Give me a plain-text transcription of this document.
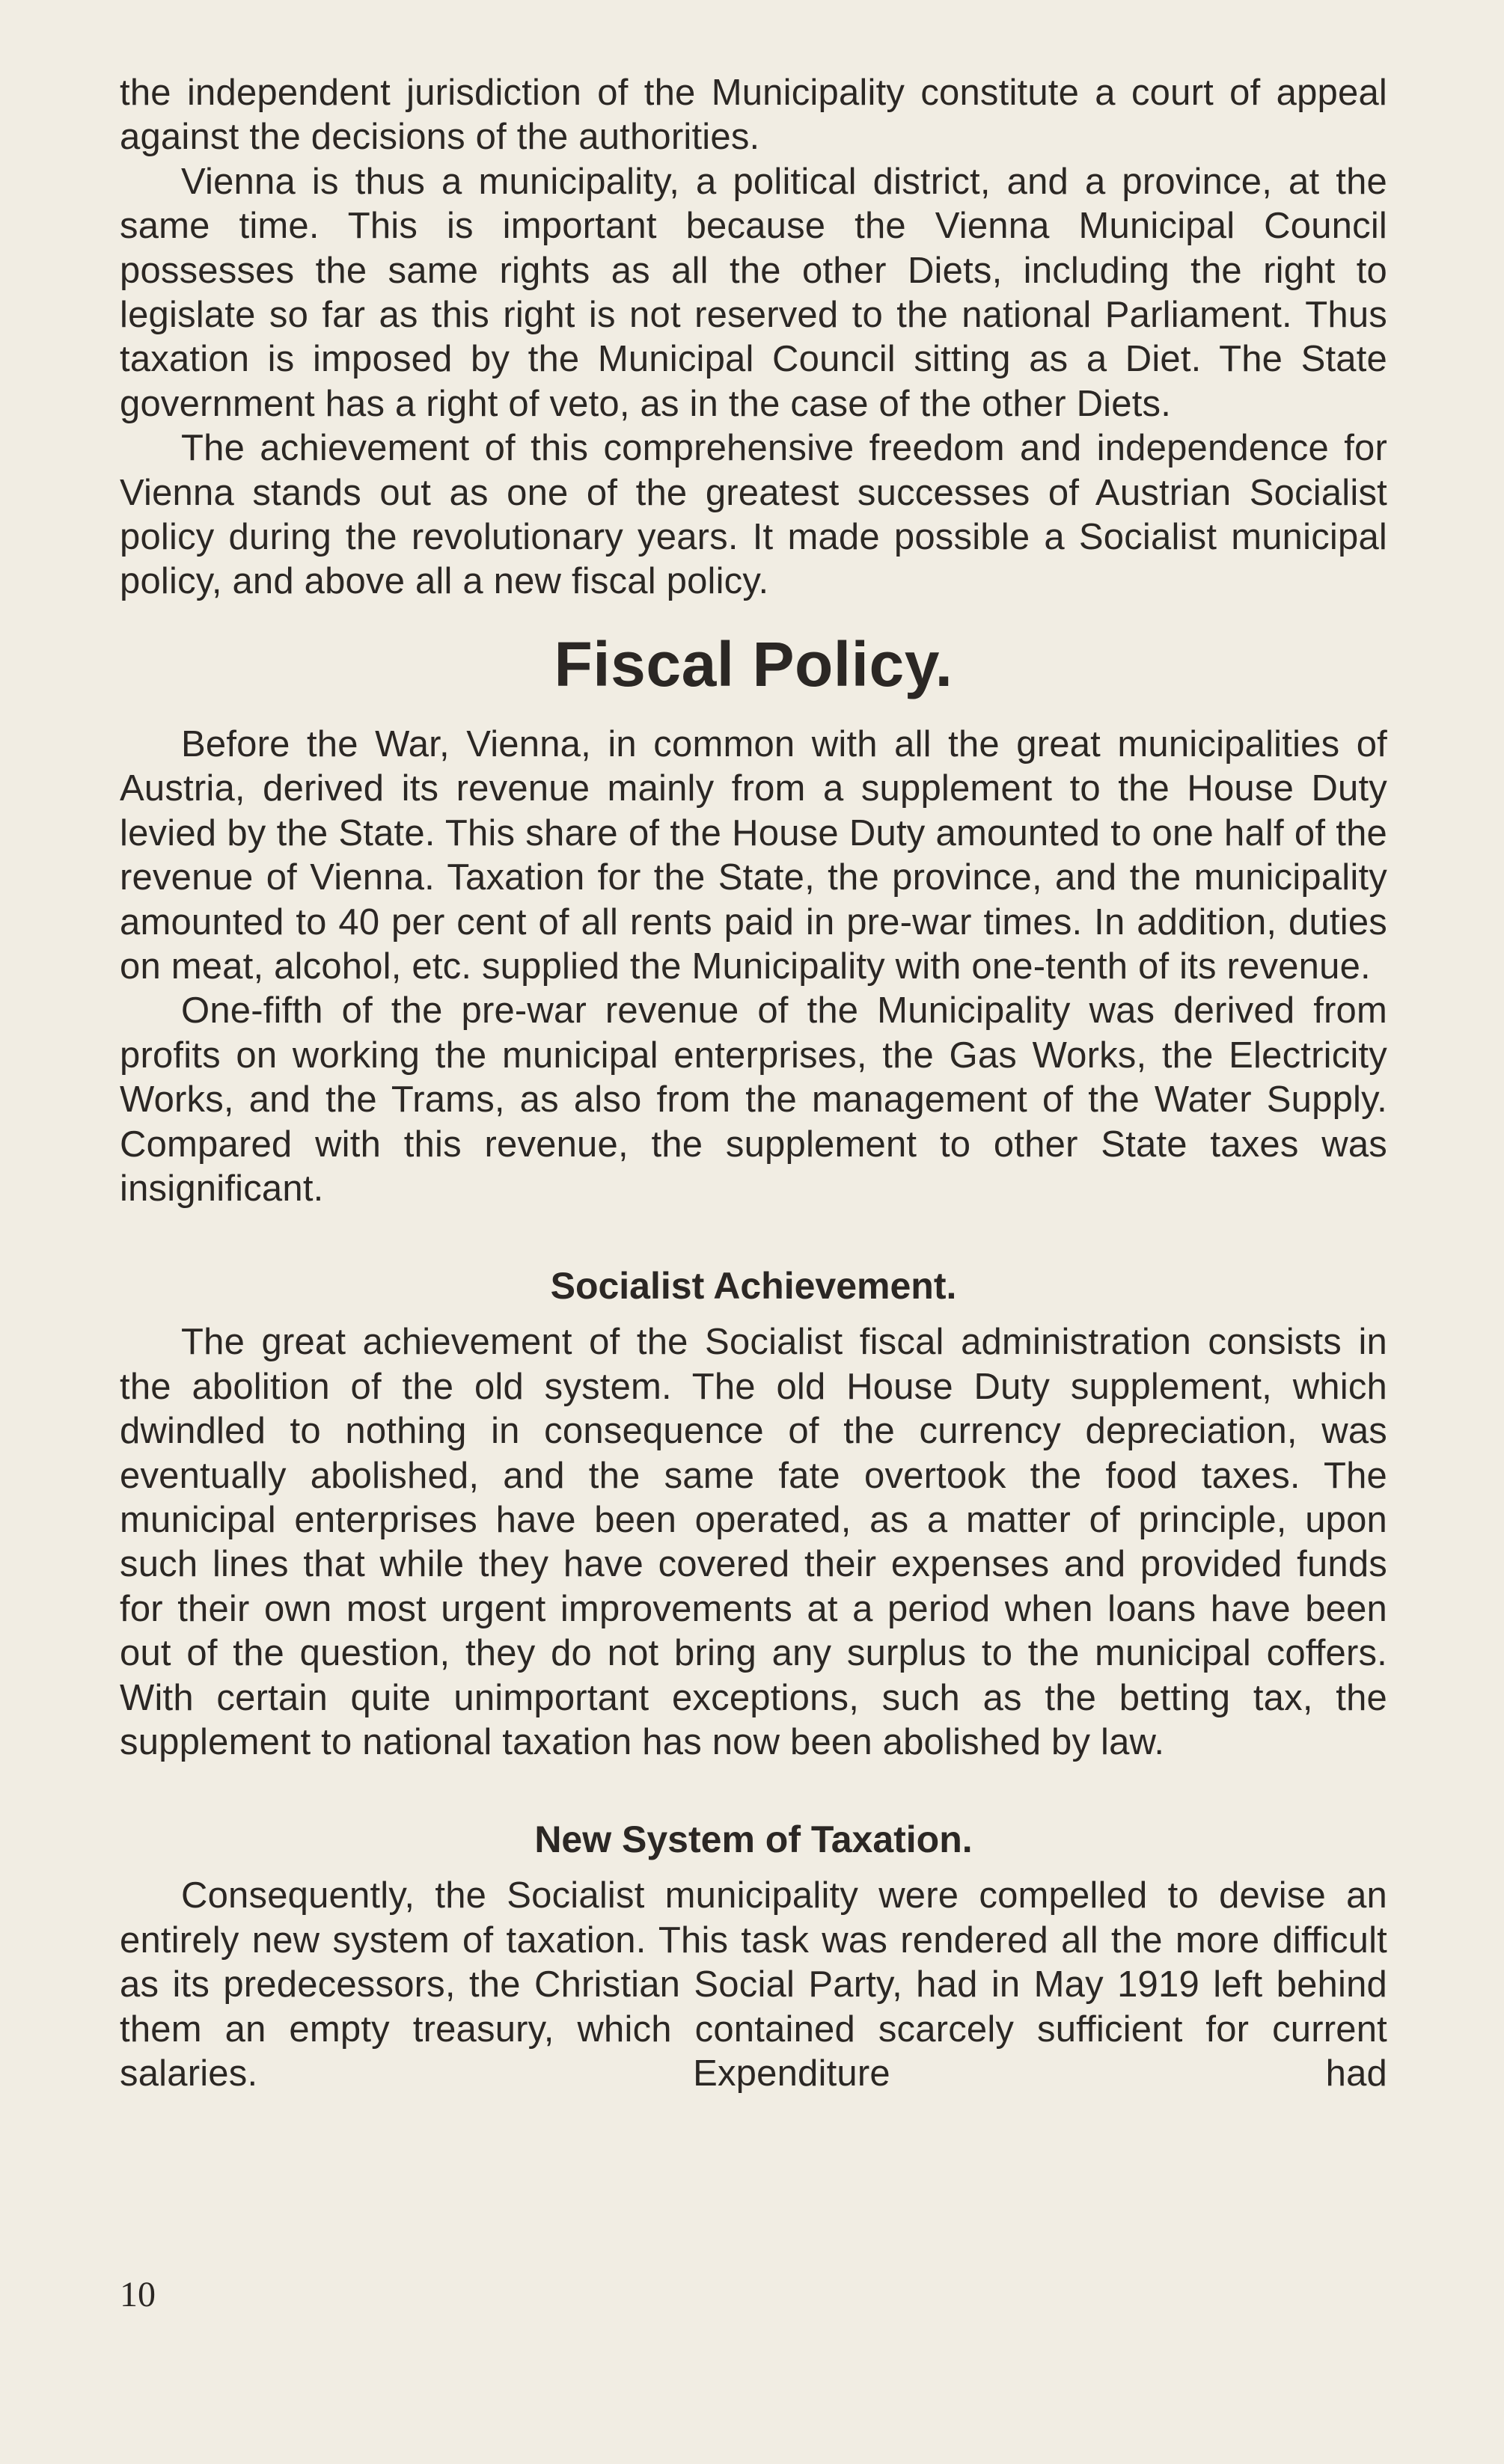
the independent jurisdiction of the Municipality constitute a court of appeal against the decisions of the authorities.

Vienna is thus a municipality, a political district, and a province, at the same time. This is important because the Vienna Municipal Council possesses the same rights as all the other Diets, including the right to legislate so far as this right is not reserved to the national Parliament. Thus taxation is imposed by the Municipal Council sitting as a Diet. The State government has a right of veto, as in the case of the other Diets.

The achievement of this comprehensive freedom and independence for Vienna stands out as one of the greatest successes of Austrian Socialist policy during the revolutionary years. It made possible a Socialist municipal policy, and above all a new fiscal policy.

Fiscal Policy.

Before the War, Vienna, in common with all the great municipalities of Austria, derived its revenue mainly from a supplement to the House Duty levied by the State. This share of the House Duty amounted to one half of the revenue of Vienna. Taxation for the State, the province, and the municipality amounted to 40 per cent of all rents paid in pre-war times. In addition, duties on meat, alcohol, etc. supplied the Municipality with one-tenth of its revenue.

One-fifth of the pre-war revenue of the Municipality was derived from profits on working the municipal enterprises, the Gas Works, the Electricity Works, and the Trams, as also from the management of the Water Supply. Compared with this revenue, the supplement to other State taxes was insignificant.

Socialist Achievement.

The great achievement of the Socialist fiscal administration consists in the abolition of the old system. The old House Duty supplement, which dwindled to nothing in consequence of the currency depreciation, was eventually abolished, and the same fate overtook the food taxes. The municipal enterprises have been operated, as a matter of principle, upon such lines that while they have covered their expenses and provided funds for their own most urgent improvements at a period when loans have been out of the question, they do not bring any surplus to the municipal coffers. With certain quite unimportant exceptions, such as the betting tax, the supplement to national taxation has now been abolished by law.

New System of Taxation.

Consequently, the Socialist municipality were compelled to devise an entirely new system of taxation. This task was rendered all the more difficult as its predecessors, the Christian Social Party, had in May 1919 left behind them an empty treasury, which contained scarcely sufficient for current salaries. Expenditure had

10
